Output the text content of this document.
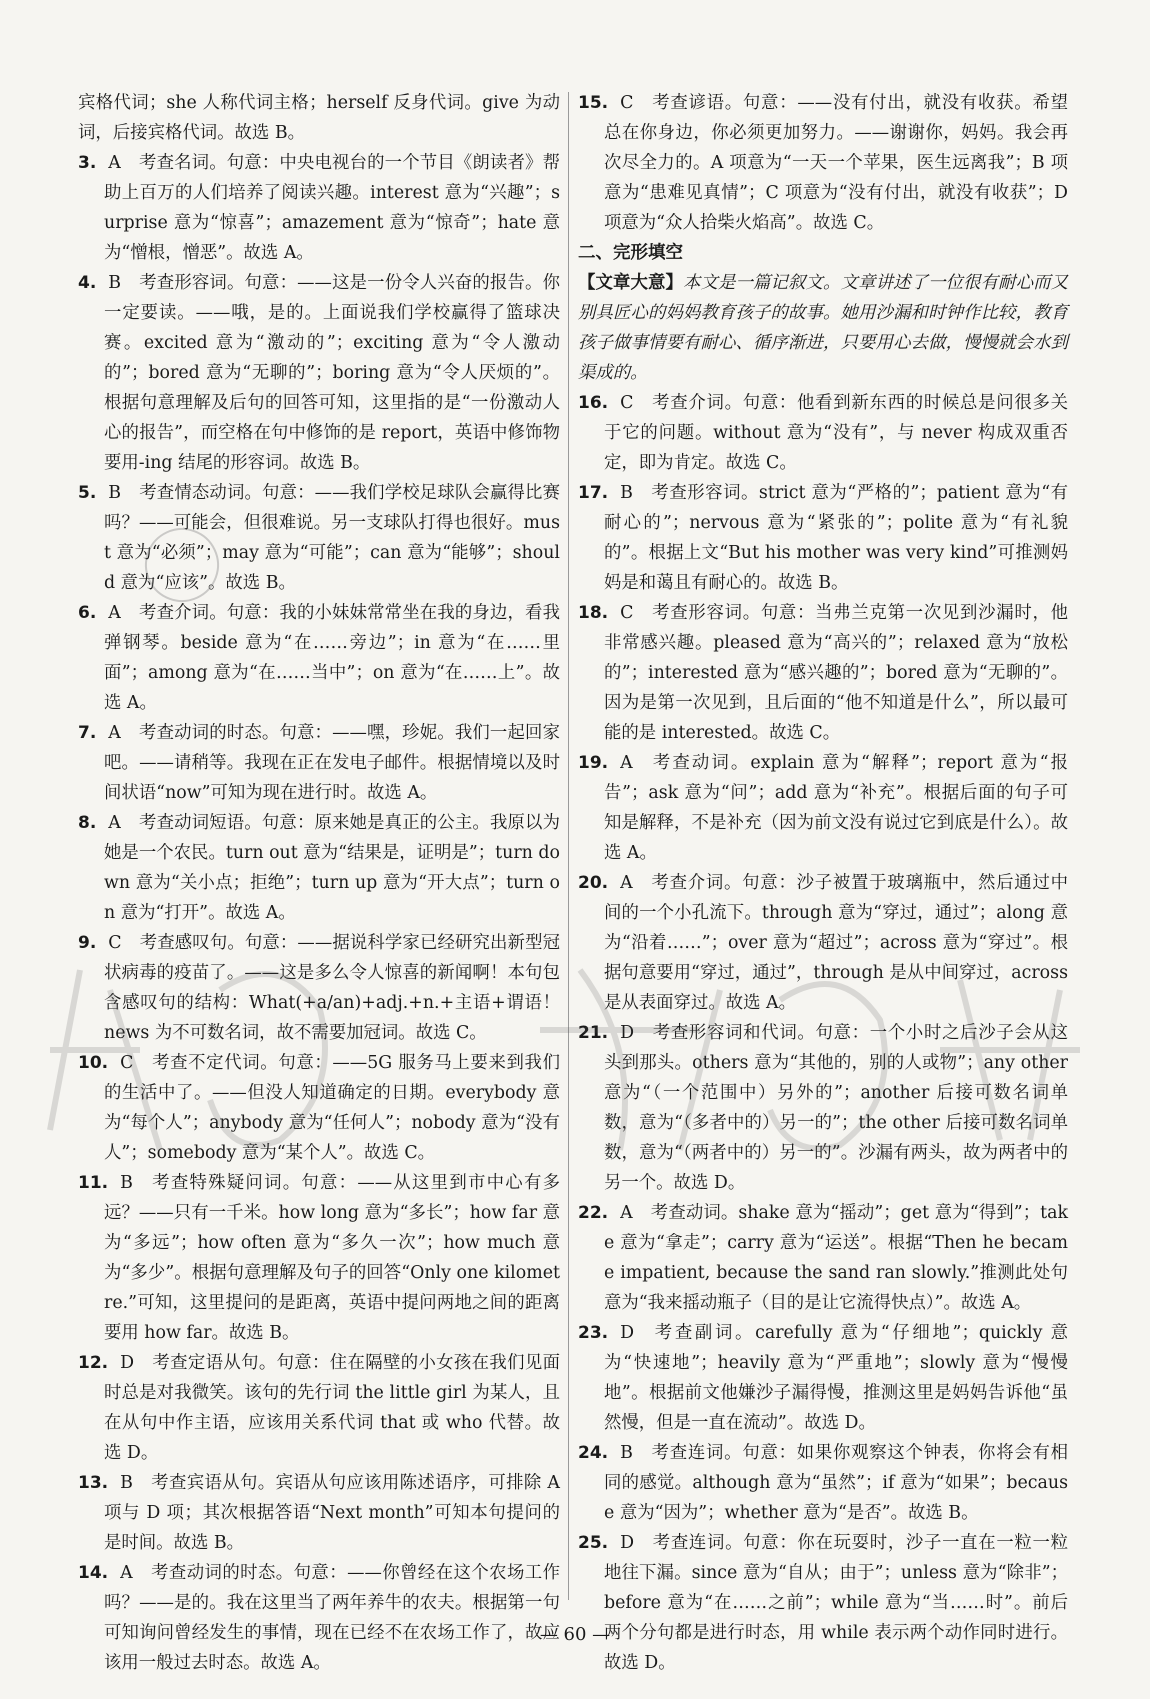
宾格代词；she 人称代词主格；herself 反身代词。give 为动词，后接宾格代词。故选 B。

3. A 考查名词。句意：中央电视台的一个节目《朗读者》帮助上百万的人们培养了阅读兴趣。interest 意为“兴趣”；surprise 意为“惊喜”；amazement 意为“惊奇”；hate 意为“憎根，憎恶”。故选 A。

4. B 考查形容词。句意：——这是一份令人兴奋的报告。你一定要读。——哦，是的。上面说我们学校赢得了篮球决赛。excited 意为“激动的”；exciting 意为“令人激动的”；bored 意为“无聊的”；boring 意为“令人厌烦的”。根据句意理解及后句的回答可知，这里指的是“一份激动人心的报告”，而空格在句中修饰的是 report，英语中修饰物要用-ing 结尾的形容词。故选 B。

5. B 考查情态动词。句意：——我们学校足球队会赢得比赛吗？——可能会，但很难说。另一支球队打得也很好。must 意为“必须”；may 意为“可能”；can 意为“能够”；should 意为“应该”。故选 B。

6. A 考查介词。句意：我的小妹妹常常坐在我的身边，看我弹钢琴。beside 意为“在……旁边”；in 意为“在……里面”；among 意为“在……当中”；on 意为“在……上”。故选 A。

7. A 考查动词的时态。句意：——嘿，珍妮。我们一起回家吧。——请稍等。我现在正在发电子邮件。根据情境以及时间状语“now”可知为现在进行时。故选 A。

8. A 考查动词短语。句意：原来她是真正的公主。我原以为她是一个农民。turn out 意为“结果是，证明是”；turn down 意为“关小点；拒绝”；turn up 意为“开大点”；turn on 意为“打开”。故选 A。

9. C 考查感叹句。句意：——据说科学家已经研究出新型冠状病毒的疫苗了。——这是多么令人惊喜的新闻啊！本句包含感叹句的结构：What(+a/an)+adj.+n.+主语+谓语！news 为不可数名词，故不需要加冠词。故选 C。

10. C 考查不定代词。句意：——5G 服务马上要来到我们的生活中了。——但没人知道确定的日期。everybody 意为“每个人”；anybody 意为“任何人”；nobody 意为“没有人”；somebody 意为“某个人”。故选 C。

11. B 考查特殊疑问词。句意：——从这里到市中心有多远？——只有一千米。how long 意为“多长”；how far 意为“多远”；how often 意为“多久一次”；how much 意为“多少”。根据句意理解及句子的回答“Only one kilometre.”可知，这里提问的是距离，英语中提问两地之间的距离要用 how far。故选 B。

12. D 考查定语从句。句意：住在隔壁的小女孩在我们见面时总是对我微笑。该句的先行词 the little girl 为某人，且在从句中作主语，应该用关系代词 that 或 who 代替。故选 D。

13. B 考查宾语从句。宾语从句应该用陈述语序，可排除 A 项与 D 项；其次根据答语“Next month”可知本句提问的是时间。故选 B。

14. A 考查动词的时态。句意：——你曾经在这个农场工作吗？——是的。我在这里当了两年养牛的农夫。根据第一句可知询问曾经发生的事情，现在已经不在农场工作了，故应该用一般过去时态。故选 A。

15. C 考查谚语。句意：——没有付出，就没有收获。希望总在你身边，你必须更加努力。——谢谢你，妈妈。我会再次尽全力的。A 项意为“一天一个苹果，医生远离我”；B 项意为“患难见真情”；C 项意为“没有付出，就没有收获”；D 项意为“众人拾柴火焰高”。故选 C。

二、完形填空

【文章大意】本文是一篇记叙文。文章讲述了一位很有耐心而又别具匠心的妈妈教育孩子的故事。她用沙漏和时钟作比较，教育孩子做事情要有耐心、循序渐进，只要用心去做，慢慢就会水到渠成的。

16. C 考查介词。句意：他看到新东西的时候总是问很多关于它的问题。without 意为“没有”，与 never 构成双重否定，即为肯定。故选 C。

17. B 考查形容词。strict 意为“严格的”；patient 意为“有耐心的”；nervous 意为“紧张的”；polite 意为“有礼貌的”。根据上文“But his mother was very kind”可推测妈妈是和蔼且有耐心的。故选 B。

18. C 考查形容词。句意：当弗兰克第一次见到沙漏时，他非常感兴趣。pleased 意为“高兴的”；relaxed 意为“放松的”；interested 意为“感兴趣的”；bored 意为“无聊的”。因为是第一次见到，且后面的“他不知道是什么”，所以最可能的是 interested。故选 C。

19. A 考查动词。explain 意为“解释”；report 意为“报告”；ask 意为“问”；add 意为“补充”。根据后面的句子可知是解释，不是补充（因为前文没有说过它到底是什么）。故选 A。

20. A 考查介词。句意：沙子被置于玻璃瓶中，然后通过中间的一个小孔流下。through 意为“穿过，通过”；along 意为“沿着……”；over 意为“超过”；across 意为“穿过”。根据句意要用“穿过，通过”，through 是从中间穿过，across 是从表面穿过。故选 A。

21. D 考查形容词和代词。句意：一个小时之后沙子会从这头到那头。others 意为“其他的，别的人或物”；any other 意为“（一个范围中）另外的”；another 后接可数名词单数，意为“（多者中的）另一的”；the other 后接可数名词单数，意为“（两者中的）另一的”。沙漏有两头，故为两者中的另一个。故选 D。

22. A 考查动词。shake 意为“摇动”；get 意为“得到”；take 意为“拿走”；carry 意为“运送”。根据“Then he became impatient, because the sand ran slowly.”推测此处句意为“我来摇动瓶子（目的是让它流得快点）”。故选 A。

23. D 考查副词。carefully 意为“仔细地”；quickly 意为“快速地”；heavily 意为“严重地”；slowly 意为“慢慢地”。根据前文他嫌沙子漏得慢，推测这里是妈妈告诉他“虽然慢，但是一直在流动”。故选 D。

24. B 考查连词。句意：如果你观察这个钟表，你将会有相同的感觉。although 意为“虽然”；if 意为“如果”；because 意为“因为”；whether 意为“是否”。故选 B。

25. D 考查连词。句意：你在玩耍时，沙子一直在一粒一粒地往下漏。since 意为“自从；由于”；unless 意为“除非”；before 意为“在……之前”；while 意为“当……时”。前后两个分句都是进行时态，用 while 表示两个动作同时进行。故选 D。

— 60 —
